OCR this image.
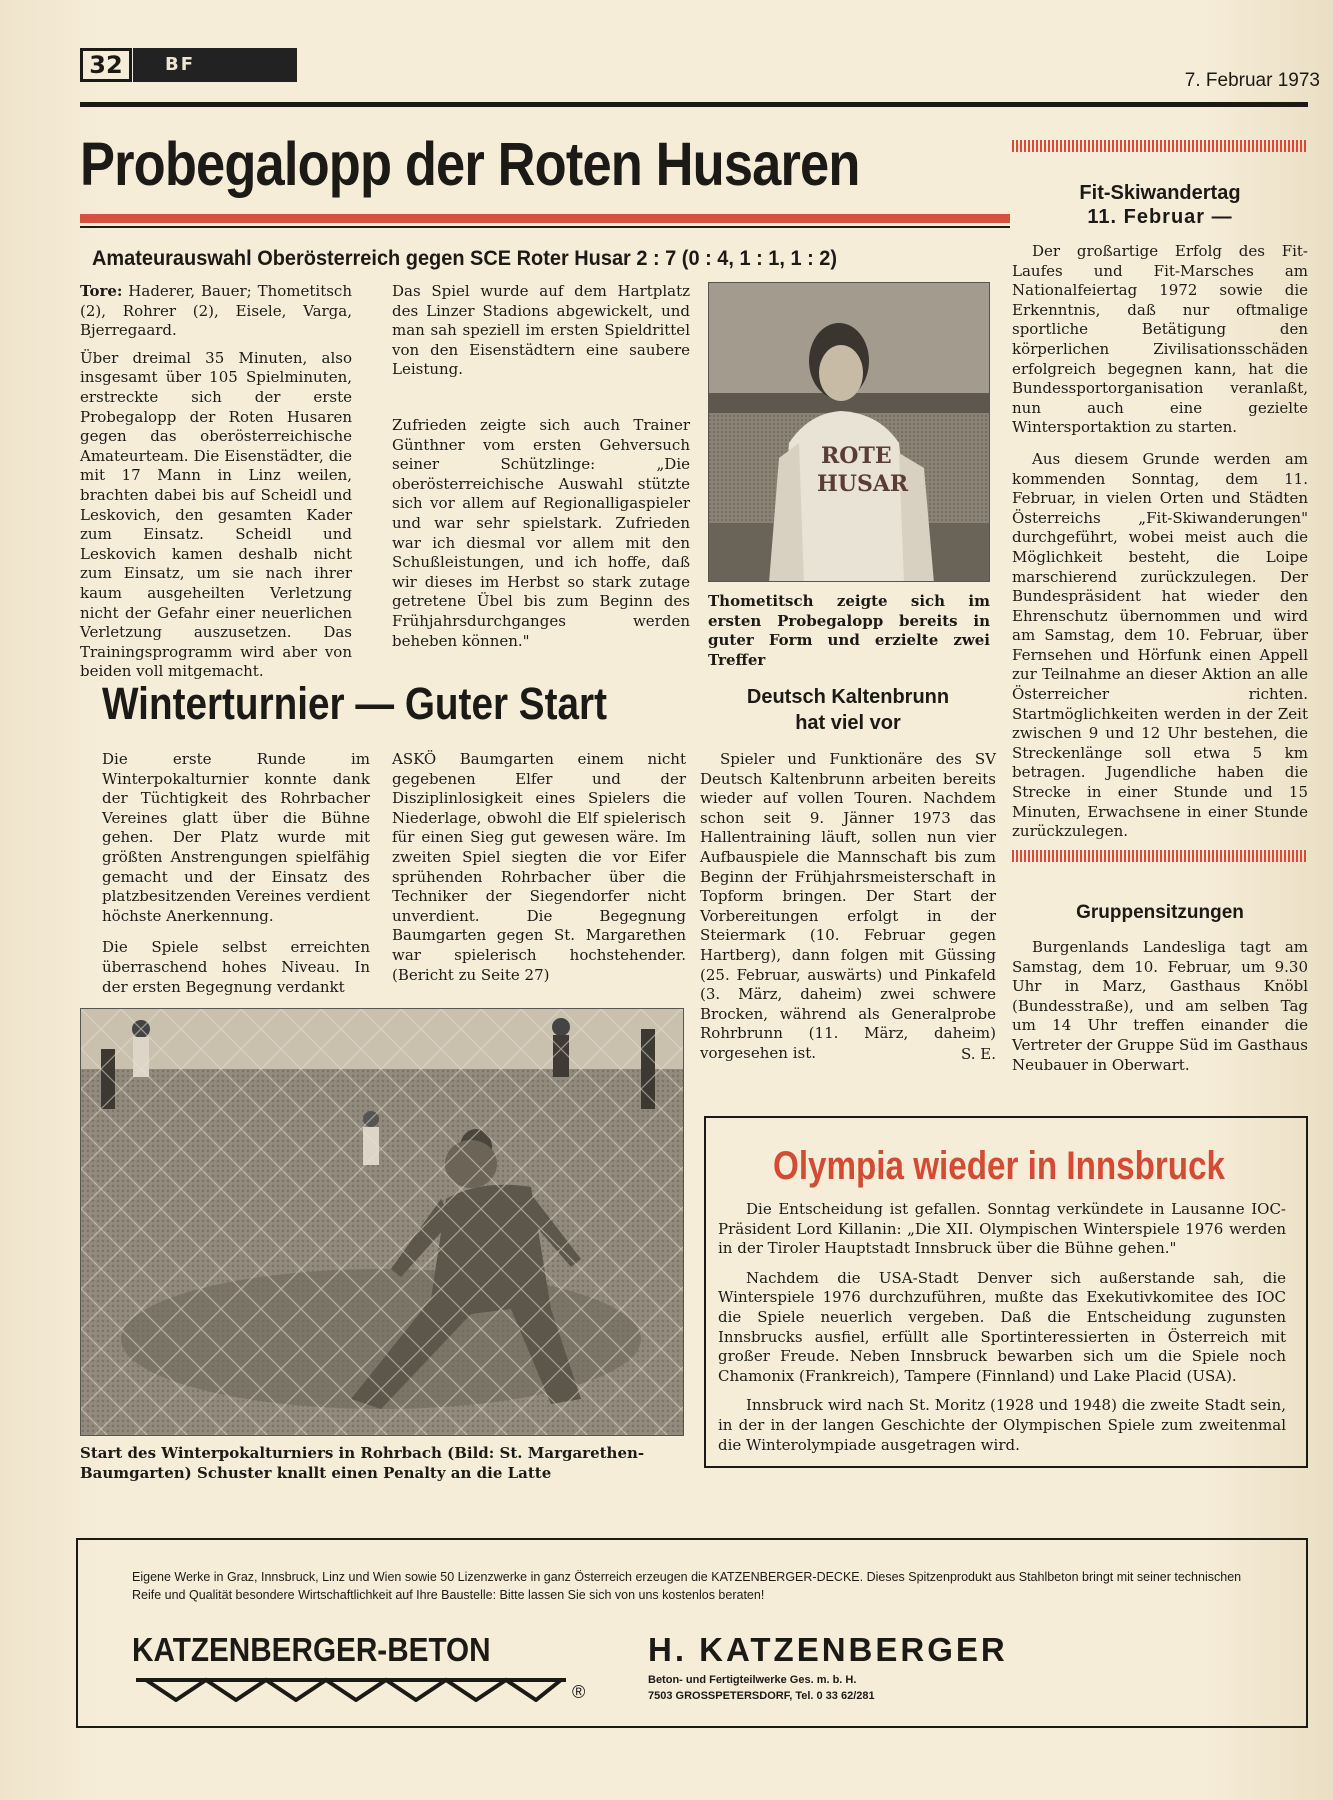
32	BF
7. Februar 1973
Probegalopp der Roten Husaren
Amateurauswahl Oberösterreich gegen SCE Roter Husar 2 : 7 (0 : 4, 1 : 1, 1 : 2)

Tore: Haderer, Bauer; Thometitsch (2), Rohrer (2), Eisele, Varga, Bjerregaard.

Über dreimal 35 Minuten, also insgesamt über 105 Spielminuten, erstreckte sich der erste Probegalopp der Roten Husaren gegen das oberösterreichische Amateurteam. Die Eisenstädter, die mit 17 Mann in Linz weilen, brachten dabei bis auf Scheidl und Leskovich, den gesamten Kader zum Einsatz. Scheidl und Leskovich kamen deshalb nicht zum Einsatz, um sie nach ihrer kaum ausgeheilten Verletzung nicht der Gefahr einer neuerlichen Verletzung auszusetzen. Das Trainingsprogramm wird aber von beiden voll mitgemacht.

Das Spiel wurde auf dem Hartplatz des Linzer Stadions abgewickelt, und man sah speziell im ersten Spieldrittel von den Eisenstädtern eine saubere Leistung.

Zufrieden zeigte sich auch Trainer Günthner vom ersten Gehversuch seiner Schützlinge: „Die oberösterreichische Auswahl stützte sich vor allem auf Regionalligaspieler und war sehr spielstark. Zufrieden war ich diesmal vor allem mit den Schußleistungen, und ich hoffe, daß wir dieses im Herbst so stark zutage getretene Übel bis zum Beginn des Frühjahrsdurchganges werden beheben können."

ROTE
HUSAR
Thometitsch zeigte sich im ersten Probegalopp bereits in guter Form und erzielte zwei Treffer
Fit-Skiwandertag
11. Februar —

Der großartige Erfolg des Fit-Laufes und Fit-Marsches am Nationalfeiertag 1972 sowie die Erkenntnis, daß nur oftmalige sportliche Betätigung den körperlichen Zivilisationsschäden erfolgreich begegnen kann, hat die Bundessportorganisation veranlaßt, nun auch eine gezielte Wintersportaktion zu starten.

Aus diesem Grunde werden am kommenden Sonntag, dem 11. Februar, in vielen Orten und Städten Österreichs „Fit-Skiwanderungen" durchgeführt, wobei meist auch die Möglichkeit besteht, die Loipe marschierend zurückzulegen. Der Bundespräsident hat wieder den Ehrenschutz übernommen und wird am Samstag, dem 10. Februar, über Fernsehen und Hörfunk einen Appell zur Teilnahme an dieser Aktion an alle Österreicher richten. Startmöglichkeiten werden in der Zeit zwischen 9 und 12 Uhr bestehen, die Streckenlänge soll etwa 5 km betragen. Jugendliche haben die Strecke in einer Stunde und 15 Minuten, Erwachsene in einer Stunde zurückzulegen.

Gruppensitzungen

Burgenlands Landesliga tagt am Samstag, dem 10. Februar, um 9.30 Uhr in Marz, Gasthaus Knöbl (Bundesstraße), und am selben Tag um 14 Uhr treffen einander die Vertreter der Gruppe Süd im Gasthaus Neubauer in Oberwart.

Winterturnier — Guter Start

Die erste Runde im Winterpokalturnier konnte dank der Tüchtigkeit des Rohrbacher Vereines glatt über die Bühne gehen. Der Platz wurde mit größten Anstrengungen spielfähig gemacht und der Einsatz des platzbesitzenden Vereines verdient höchste Anerkennung.

Die Spiele selbst erreichten überraschend hohes Niveau. In der ersten Begegnung verdankt

ASKÖ Baumgarten einem nicht gegebenen Elfer und der Disziplinlosigkeit eines Spielers die Niederlage, obwohl die Elf spielerisch für einen Sieg gut gewesen wäre. Im zweiten Spiel siegten die vor Eifer sprühenden Rohrbacher über die Techniker der Siegendorfer nicht unverdient. Die Begegnung Baumgarten gegen St. Margarethen war spielerisch hochstehender. (Bericht zu Seite 27)

Start des Winterpokalturniers in Rohrbach (Bild: St. Margarethen-Baumgarten) Schuster knallt einen Penalty an die Latte
Deutsch Kaltenbrunn
hat viel vor

Spieler und Funktionäre des SV Deutsch Kaltenbrunn arbeiten bereits wieder auf vollen Touren. Nachdem schon seit 9. Jänner 1973 das Hallentraining läuft, sollen nun vier Aufbauspiele die Mannschaft bis zum Beginn der Frühjahrsmeisterschaft in Topform bringen. Der Start der Vorbereitungen erfolgt in der Steiermark (10. Februar gegen Hartberg), dann folgen mit Güssing (25. Februar, auswärts) und Pinkafeld (3. März, daheim) zwei schwere Brocken, während als Generalprobe Rohrbrunn (11. März, daheim) vorgesehen ist.	S. E.

Olympia wieder in Innsbruck

Die Entscheidung ist gefallen. Sonntag verkündete in Lausanne IOC-Präsident Lord Killanin: „Die XII. Olympischen Winterspiele 1976 werden in der Tiroler Hauptstadt Innsbruck über die Bühne gehen."

Nachdem die USA-Stadt Denver sich außerstande sah, die Winterspiele 1976 durchzuführen, mußte das Exekutivkomitee des IOC die Spiele neuerlich vergeben. Daß die Entscheidung zugunsten Innsbrucks ausfiel, erfüllt alle Sportinteressierten in Österreich mit großer Freude. Neben Innsbruck bewarben sich um die Spiele noch Chamonix (Frankreich), Tampere (Finnland) und Lake Placid (USA).

Innsbruck wird nach St. Moritz (1928 und 1948) die zweite Stadt sein, in der in der langen Geschichte der Olympischen Spiele zum zweitenmal die Winterolympiade ausgetragen wird.

Eigene Werke in Graz, Innsbruck, Linz und Wien sowie 50 Lizenzwerke in ganz Österreich erzeugen die KATZENBERGER-DECKE. Dieses Spitzenprodukt aus Stahlbeton bringt mit seiner technischen Reife und Qualität besondere Wirtschaftlichkeit auf Ihre Baustelle: Bitte lassen Sie sich von uns kostenlos beraten!
KATZENBERGER-BETON
®
H. KATZENBERGER
Beton- und Fertigteilwerke Ges. m. b. H.
7503 GROSSPETERSDORF, Tel. 0 33 62/281
